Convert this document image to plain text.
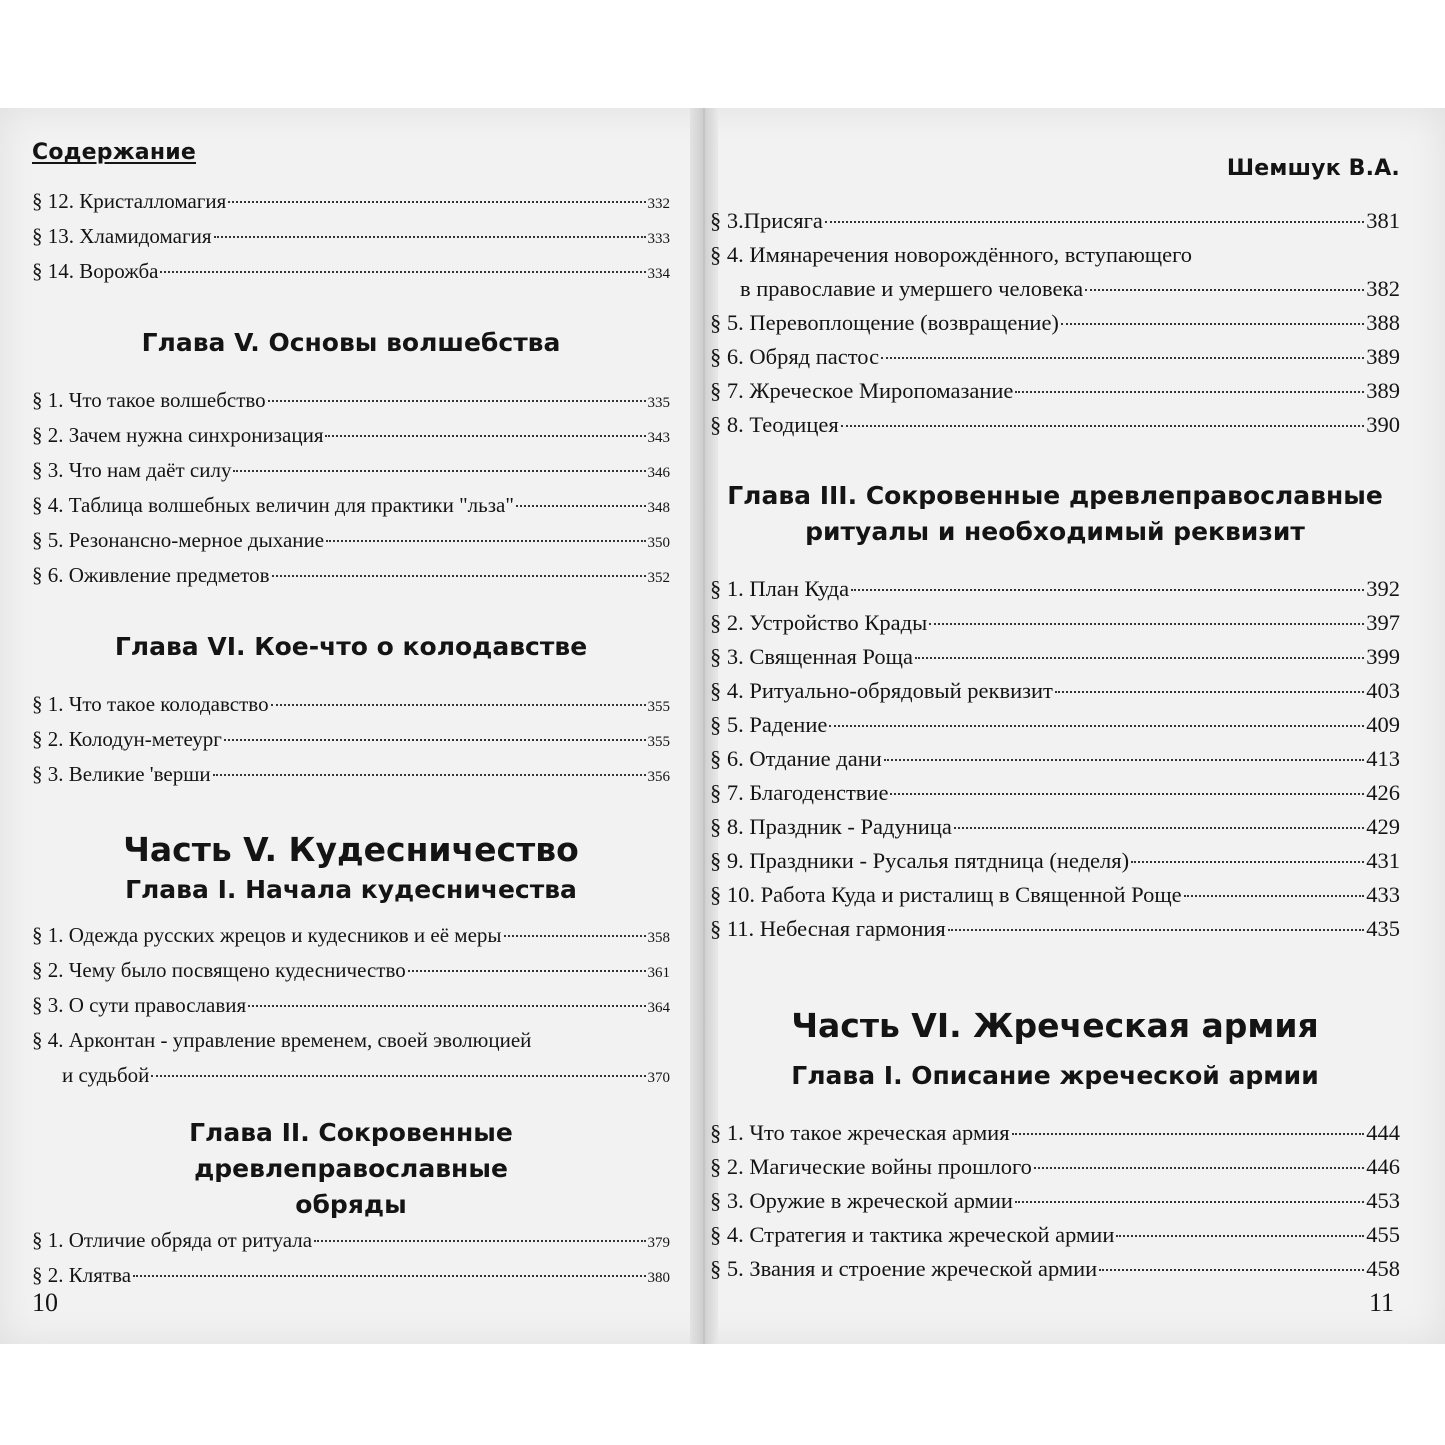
Содержание
§ 12. Кристалломагия	332
§ 13. Хламидомагия	333
§ 14. Ворожба	334
Глава V. Основы волшебства
§ 1. Что такое волшебство	335
§ 2. Зачем нужна синхронизация	343
§ 3. Что нам даёт силу	346
§ 4. Таблица волшебных величин для практики "льза"	348
§ 5. Резонансно-мерное дыхание	350
§ 6. Оживление предметов	352
Глава VI. Кое-что о колодавстве
§ 1. Что такое колодавство	355
§ 2. Колодун-метеург	355
§ 3. Великие 'верши	356
Часть V. Кудесничество
Глава I. Начала кудесничества
§ 1. Одежда русских жрецов и кудесников и её меры	358
§ 2. Чему было посвящено кудесничество	361
§ 3. О сути православия	364
§ 4. Арконтан - управление временем, своей эволюцией
и судьбой	370
Глава II. Сокровенные древлеправославные
обряды
§ 1. Отличие обряда от ритуала	379
§ 2. Клятва	380
10
Шемшук В.А.
§ 3.Присяга	381
§ 4. Имянаречения новорождённого, вступающего
в православие и умершего человека	382
§ 5. Перевоплощение (возвращение)	388
§ 6. Обряд пастос	389
§ 7. Жреческое Миропомазание	389
§ 8. Теодицея	390
Глава III. Сокровенные древлеправославные
ритуалы и необходимый реквизит
§ 1. План Куда	392
§ 2. Устройство Крады	397
§ 3. Священная Роща	399
§ 4. Ритуально-обрядовый реквизит	403
§ 5. Радение	409
§ 6. Отдание дани	413
§ 7. Благоденствие	426
§ 8. Праздник - Радуница	429
§ 9. Праздники - Русалья пятдница (неделя)	431
§ 10. Работа Куда и ристалищ в Священной Роще	433
§ 11. Небесная гармония	435
Часть VI. Жреческая армия
Глава I. Описание жреческой армии
§ 1. Что такое жреческая армия	444
§ 2. Магические войны прошлого	446
§ 3. Оружие в жреческой армии	453
§ 4. Стратегия и тактика жреческой армии	455
§ 5. Звания и строение жреческой армии	458
11
